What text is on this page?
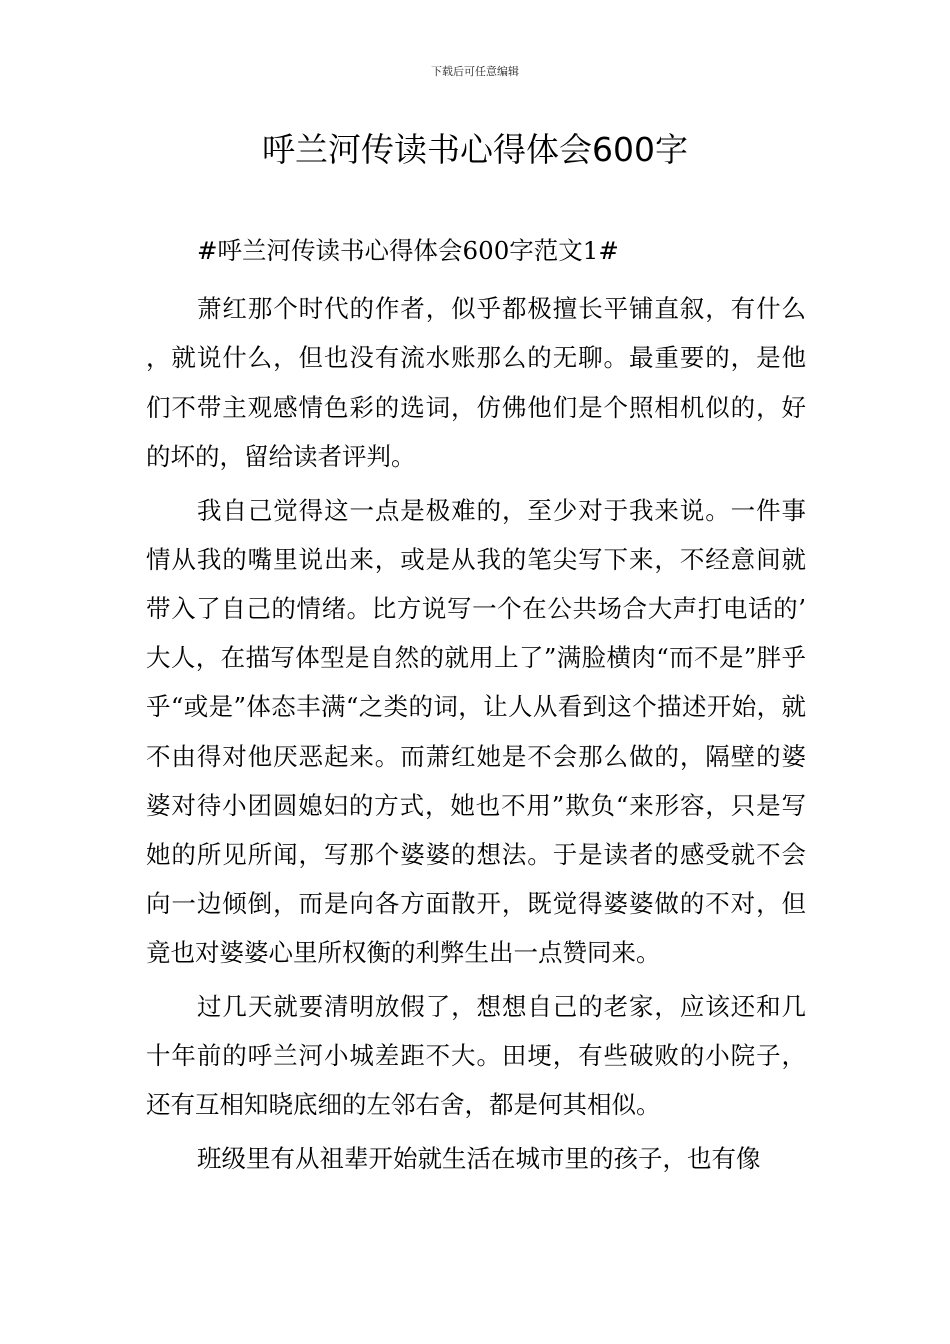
下载后可任意编辑
呼兰河传读书心得体会600字

#呼兰河传读书心得体会600字范文1#

萧红那个时代的作者，似乎都极擅长平铺直叙，有什么，就说什么，但也没有流水账那么的无聊。最重要的，是他们不带主观感情色彩的选词，仿佛他们是个照相机似的，好的坏的，留给读者评判。

我自己觉得这一点是极难的，至少对于我来说。一件事情从我的嘴里说出来，或是从我的笔尖写下来，不经意间就带入了自己的情绪。比方说写一个在公共场合大声打电话的’大人，在描写体型是自然的就用上了”满脸横肉“而不是”胖乎乎“或是”体态丰满“之类的词，让人从看到这个描述开始，就不由得对他厌恶起来。而萧红她是不会那么做的，隔壁的婆婆对待小团圆媳妇的方式，她也不用”欺负“来形容，只是写她的所见所闻，写那个婆婆的想法。于是读者的感受就不会向一边倾倒，而是向各方面散开，既觉得婆婆做的不对，但竟也对婆婆心里所权衡的利弊生出一点赞同来。

过几天就要清明放假了，想想自己的老家，应该还和几十年前的呼兰河小城差距不大。田埂，有些破败的小院子，还有互相知晓底细的左邻右舍，都是何其相似。

班级里有从祖辈开始就生活在城市里的孩子，也有像
